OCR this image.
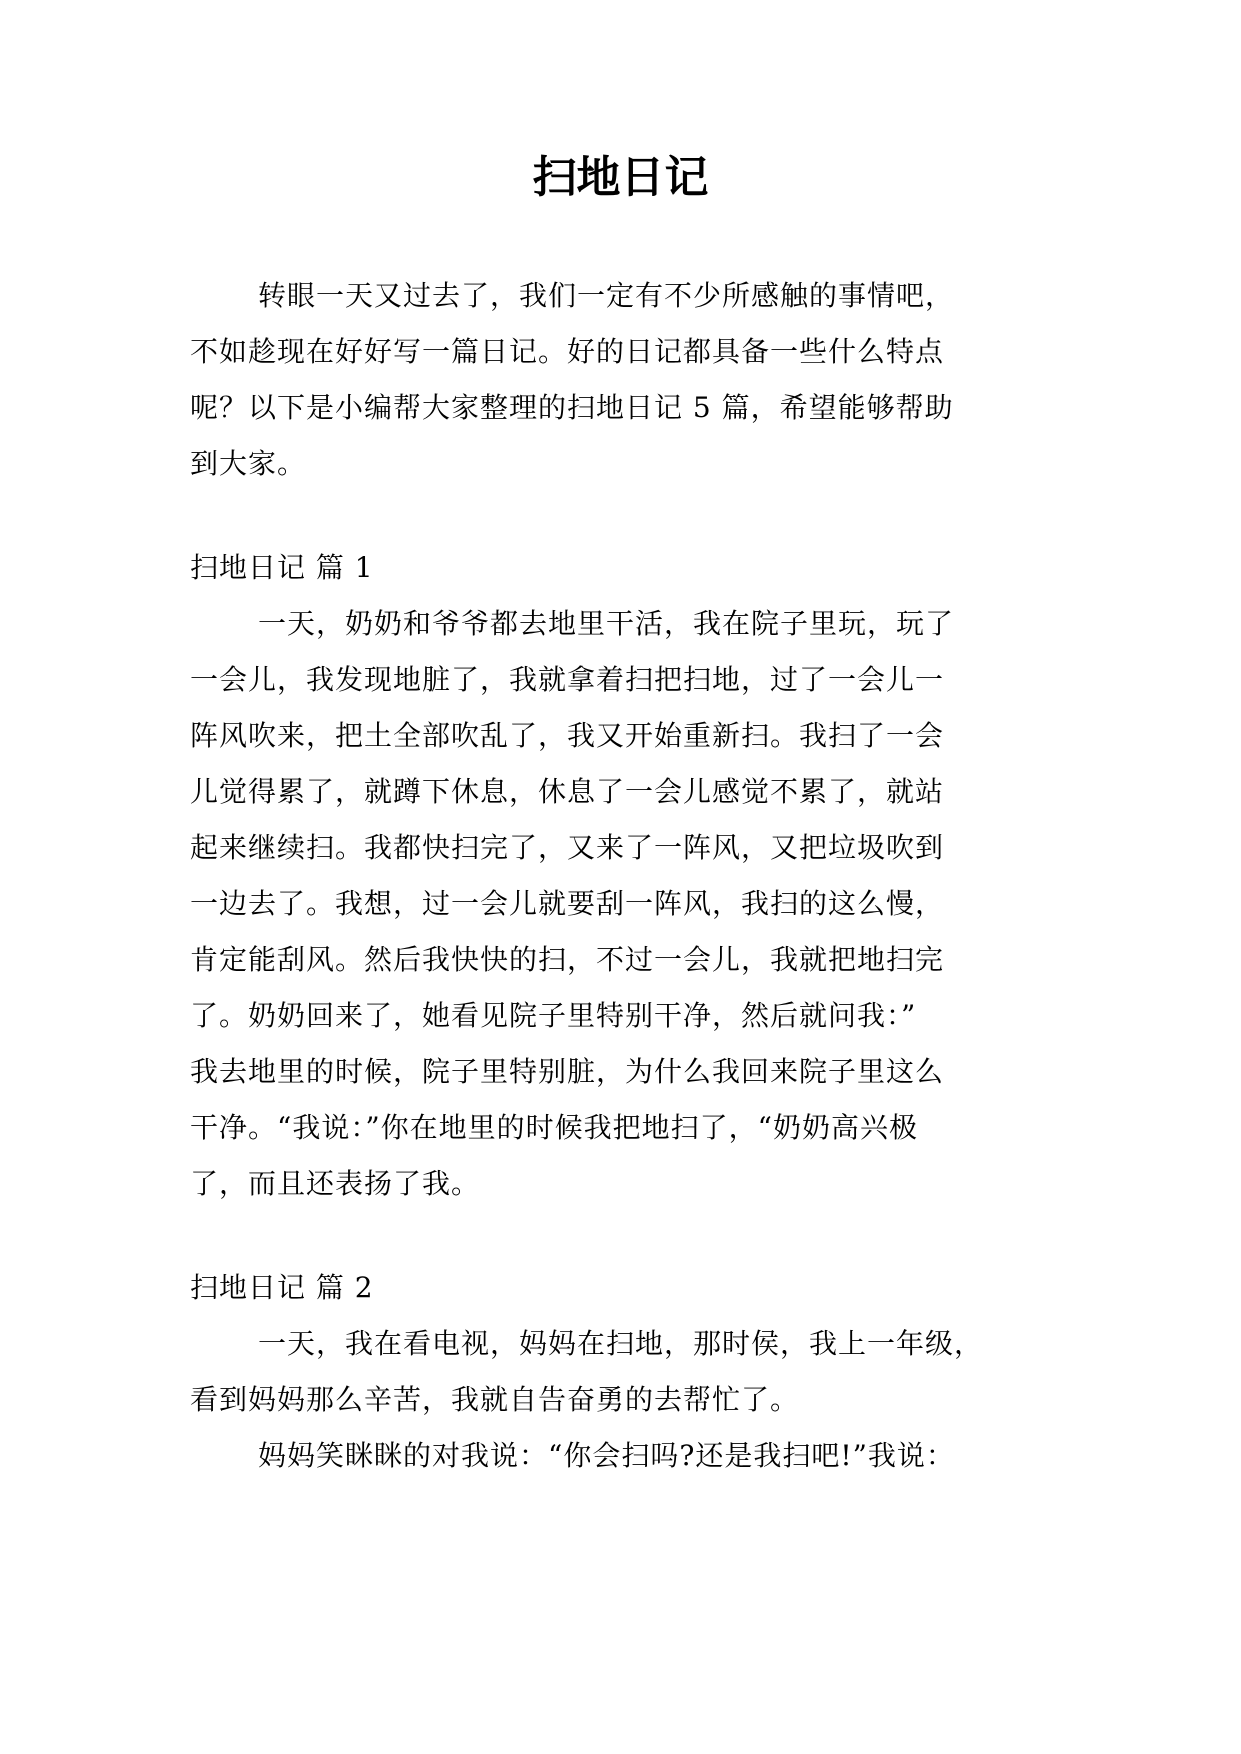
扫地日记
转眼一天又过去了，我们一定有不少所感触的事情吧，
不如趁现在好好写一篇日记。好的日记都具备一些什么特点
呢？以下是小编帮大家整理的扫地日记 5 篇，希望能够帮助
到大家。
扫地日记 篇 1
一天，奶奶和爷爷都去地里干活，我在院子里玩，玩了
一会儿，我发现地脏了，我就拿着扫把扫地，过了一会儿一
阵风吹来，把土全部吹乱了，我又开始重新扫。我扫了一会
儿觉得累了，就蹲下休息，休息了一会儿感觉不累了，就站
起来继续扫。我都快扫完了，又来了一阵风，又把垃圾吹到
一边去了。我想，过一会儿就要刮一阵风，我扫的这么慢，
肯定能刮风。然后我快快的扫，不过一会儿，我就把地扫完
了。奶奶回来了，她看见院子里特别干净，然后就问我：”
我去地里的时候，院子里特别脏，为什么我回来院子里这么
干净。“我说：”你在地里的时候我把地扫了，“奶奶高兴极
了，而且还表扬了我。
扫地日记 篇 2
一天，我在看电视，妈妈在扫地，那时侯，我上一年级，
看到妈妈那么辛苦，我就自告奋勇的去帮忙了。
妈妈笑眯眯的对我说：“你会扫吗?还是我扫吧!”我说：
